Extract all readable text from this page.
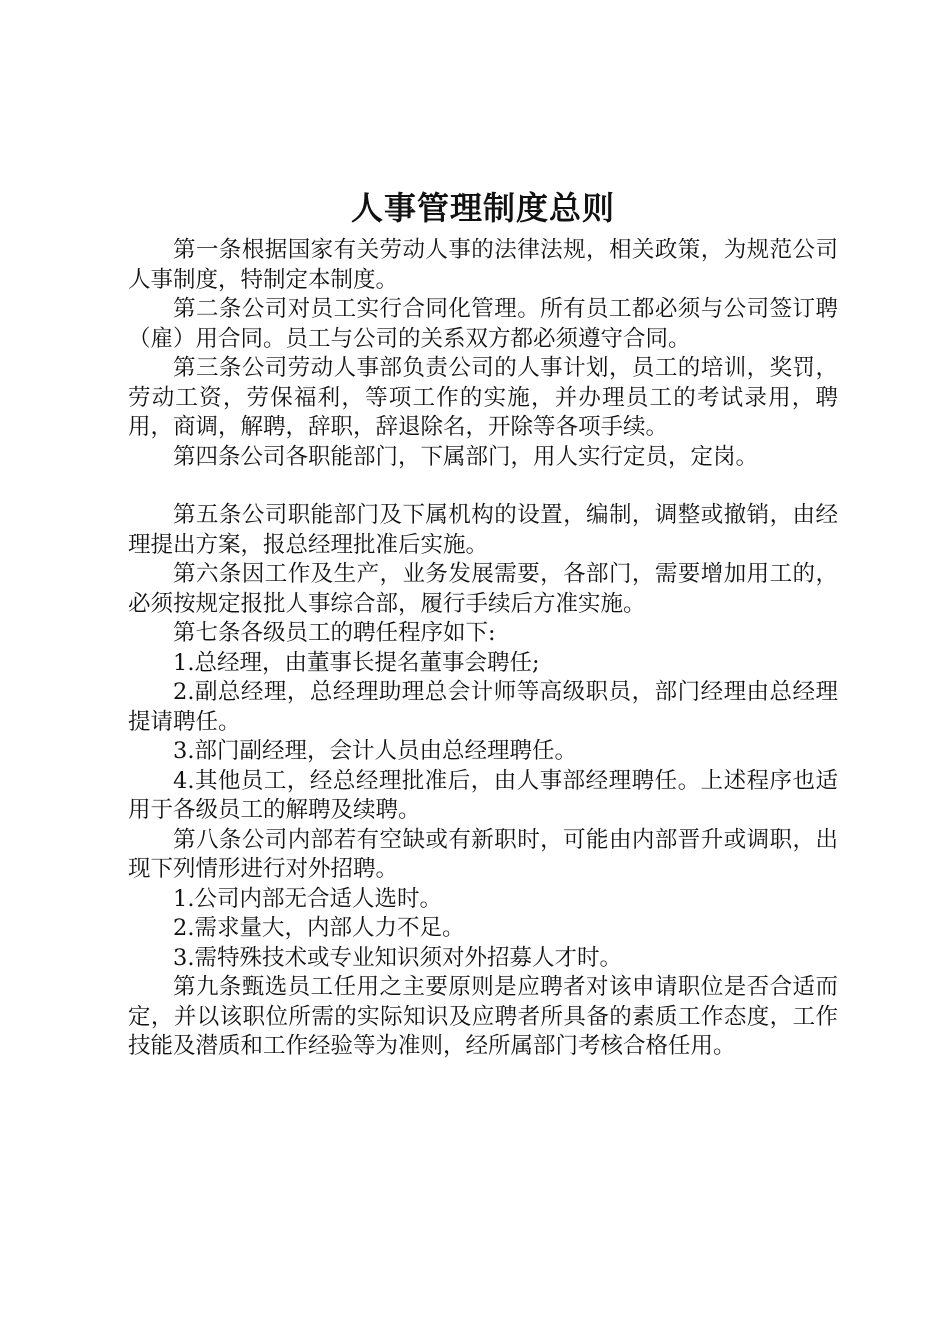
人事管理制度总则

第一条根据国家有关劳动人事的法律法规，相关政策，为规范公司人事制度，特制定本制度。

第二条公司对员工实行合同化管理。所有员工都必须与公司签订聘（雇）用合同。员工与公司的关系双方都必须遵守合同。

第三条公司劳动人事部负责公司的人事计划，员工的培训，奖罚，劳动工资，劳保福利，等项工作的实施，并办理员工的考试录用，聘用，商调，解聘，辞职，辞退除名，开除等各项手续。

第四条公司各职能部门，下属部门，用人实行定员，定岗。

第五条公司职能部门及下属机构的设置，编制，调整或撤销，由经理提出方案，报总经理批准后实施。

第六条因工作及生产，业务发展需要，各部门，需要增加用工的，必须按规定报批人事综合部，履行手续后方准实施。

第七条各级员工的聘任程序如下:

1.总经理，由董事长提名董事会聘任;

2.副总经理，总经理助理总会计师等高级职员，部门经理由总经理提请聘任。

3.部门副经理，会计人员由总经理聘任。

4.其他员工，经总经理批准后，由人事部经理聘任。上述程序也适用于各级员工的解聘及续聘。

第八条公司内部若有空缺或有新职时，可能由内部晋升或调职，出现下列情形进行对外招聘。

1.公司内部无合适人选时。

2.需求量大，内部人力不足。

3.需特殊技术或专业知识须对外招募人才时。

第九条甄选员工任用之主要原则是应聘者对该申请职位是否合适而定，并以该职位所需的实际知识及应聘者所具备的素质工作态度，工作技能及潜质和工作经验等为准则，经所属部门考核合格任用。
